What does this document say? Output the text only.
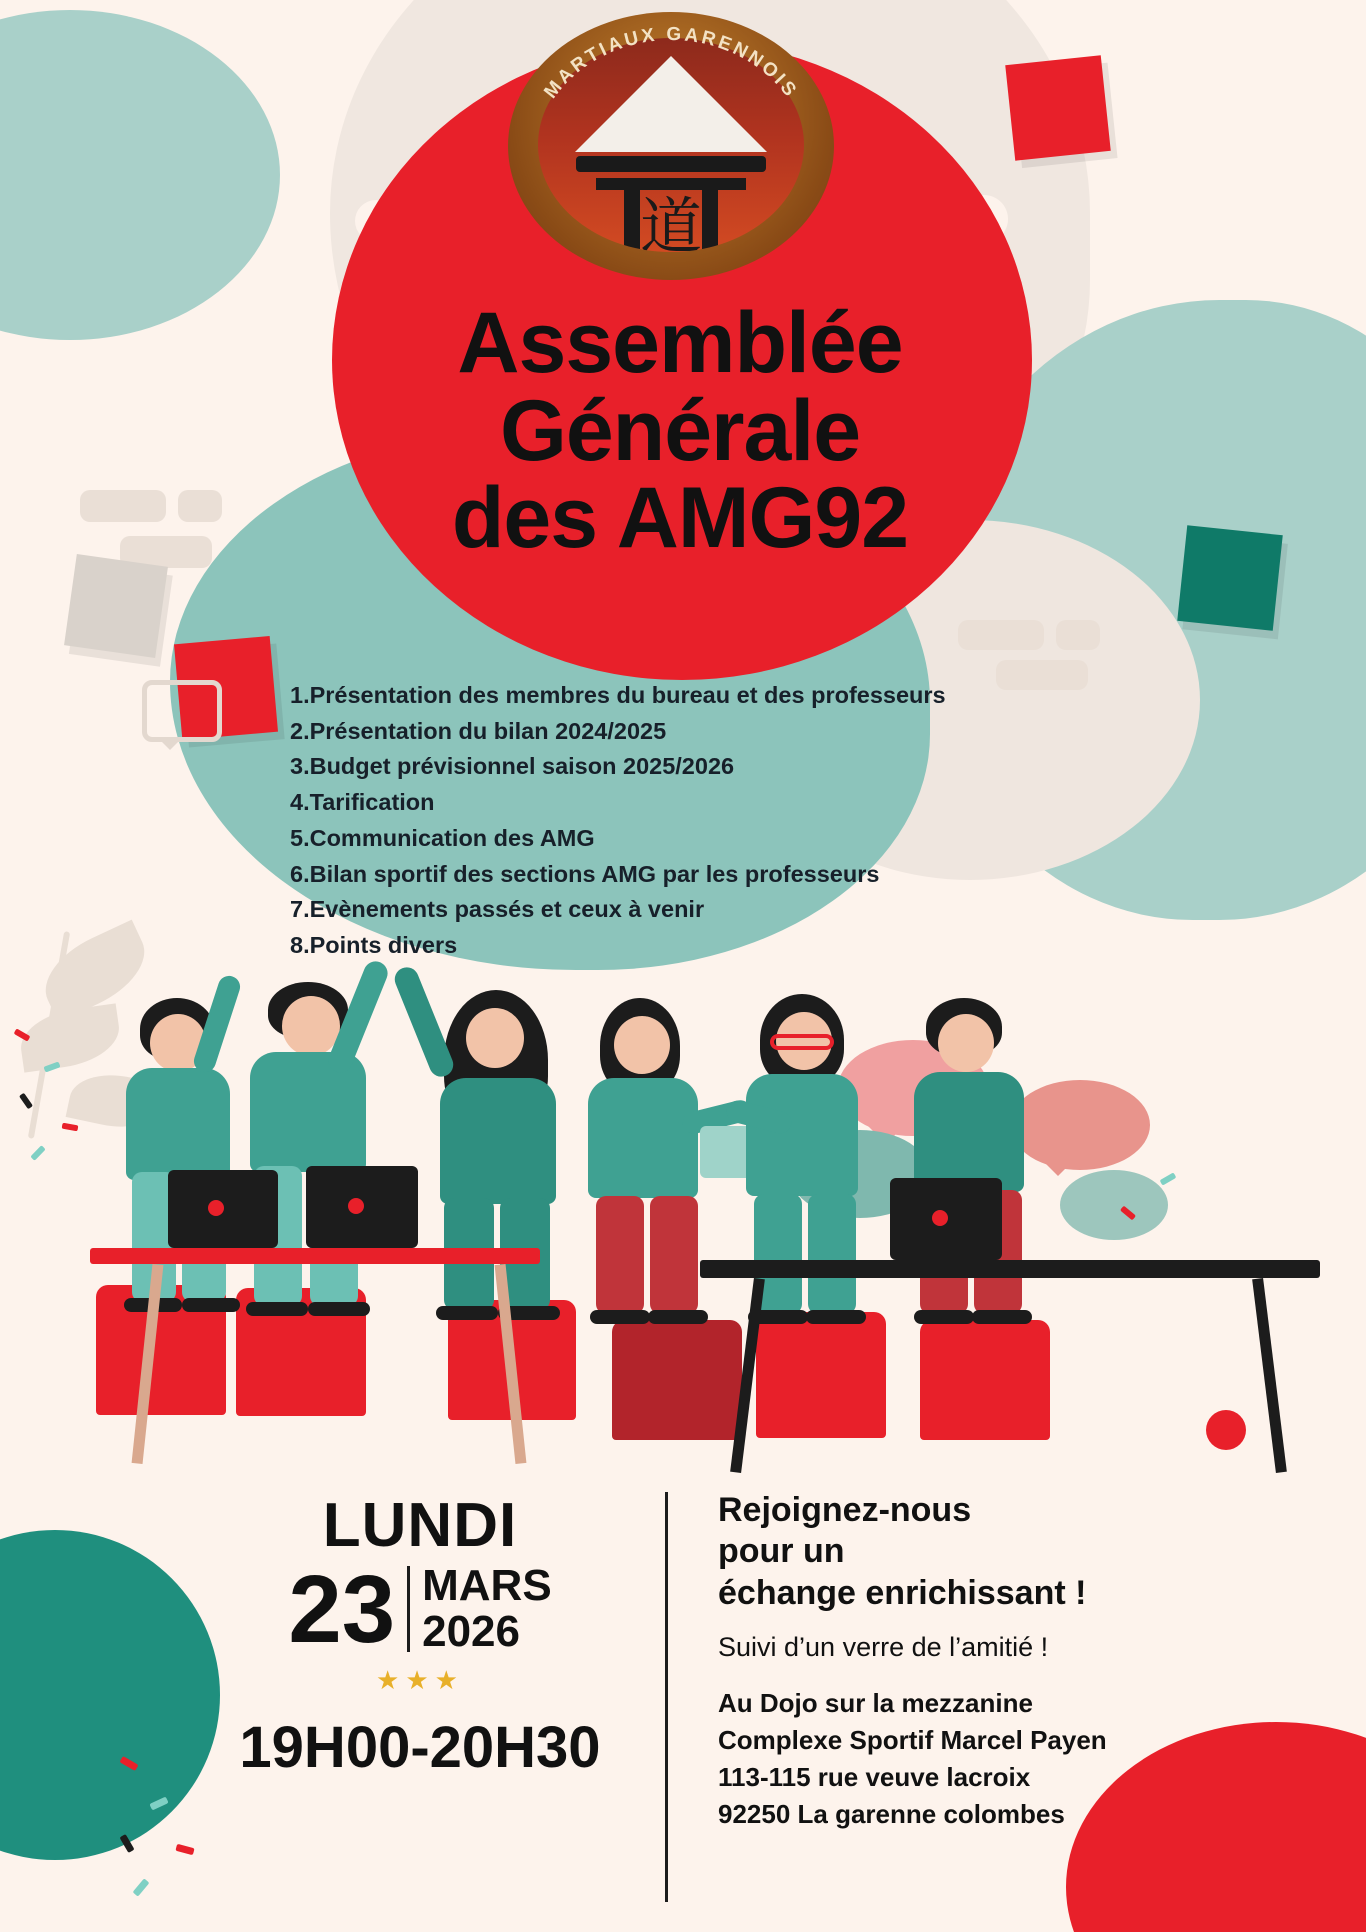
Assemblée
Générale
des AMG92
道
MARTIAUX GARENNOIS
1.Présentation des membres du bureau et des professeurs
2.Présentation du bilan 2024/2025
3.Budget prévisionnel saison 2025/2026
4.Tarification
5.Communication des AMG
6.Bilan sportif des sections AMG par les professeurs
7.Evènements passés et ceux à venir
8.Points divers
LUNDI
23 MARS
2026
★★★
19H00-20H30
Rejoignez-nous
pour un
échange enrichissant !
Suivi d’un verre de l’amitié !
Au Dojo sur la mezzanine
Complexe Sportif Marcel Payen
113-115 rue veuve lacroix
92250 La garenne colombes
